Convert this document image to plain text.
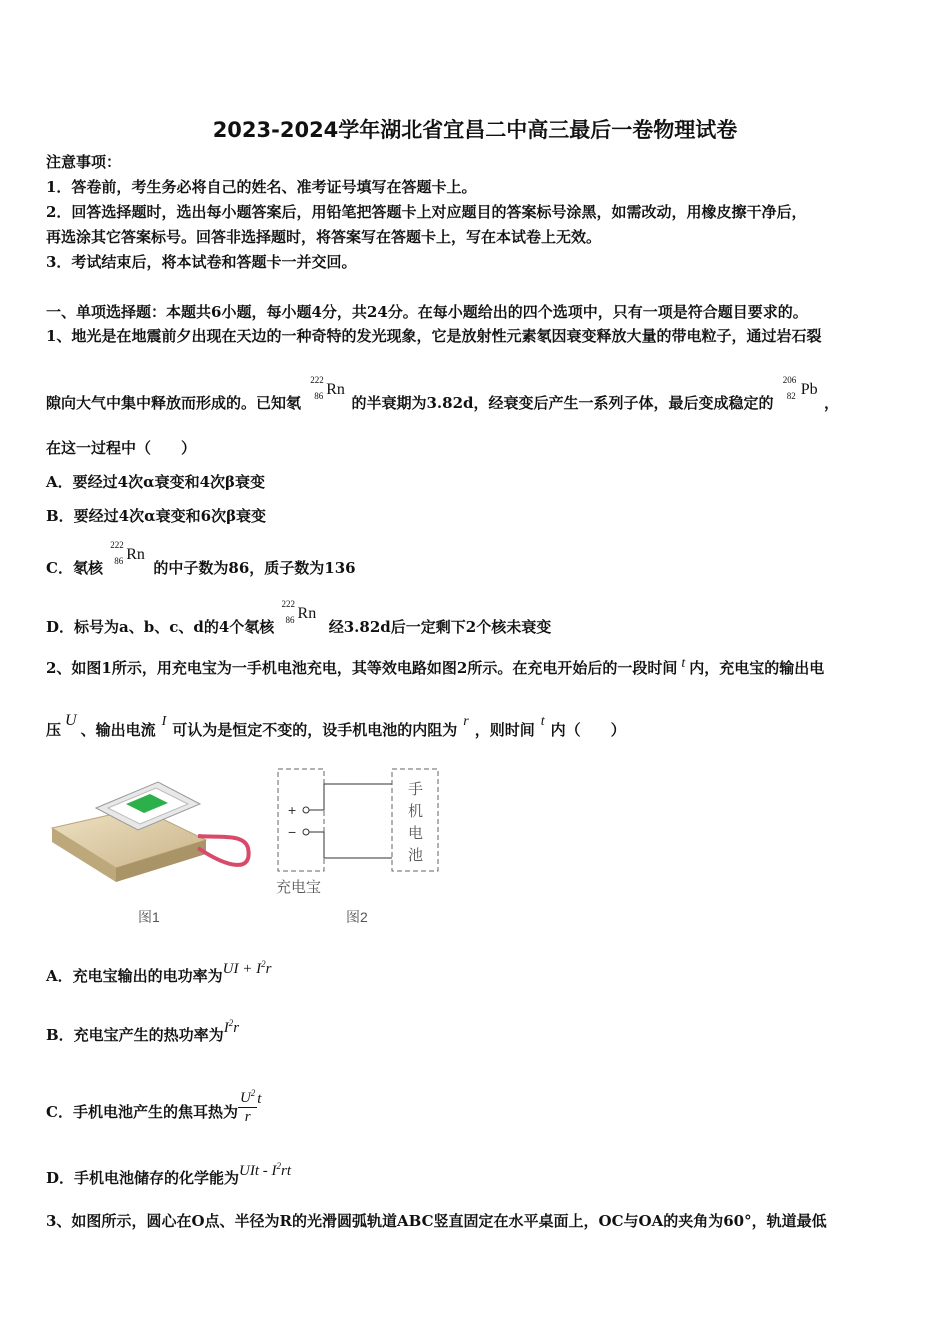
2023-2024学年湖北省宜昌二中高三最后一卷物理试卷
注意事项：
1．答卷前，考生务必将自己的姓名、准考证号填写在答题卡上。
2．回答选择题时，选出每小题答案后，用铅笔把答题卡上对应题目的答案标号涂黑，如需改动，用橡皮擦干净后，
再选涂其它答案标号。回答非选择题时，将答案写在答题卡上，写在本试卷上无效。
3．考试结束后，将本试卷和答题卡一并交回。
一、单项选择题：本题共6小题，每小题4分，共24分。在每小题给出的四个选项中，只有一项是符合题目要求的。
1、地光是在地震前夕出现在天边的一种奇特的发光现象，它是放射性元素氡因衰变释放大量的带电粒子，通过岩石裂
隙向大气中集中释放而形成的。已知氡
222
86 Rn
的半衰期为3.82d，经衰变后产生一系列子体，最后变成稳定的
206
82 Pb
，
在这一过程中（　　）
A．要经过4次α衰变和4次β衰变
B．要经过4次α衰变和6次β衰变
C．氡核
222
86 Rn
的中子数为86，质子数为136
D．标号为a、b、c、d的4个氡核
222
86 Rn
经3.82d后一定剩下2个核未衰变
2、如图1所示，用充电宝为一手机电池充电，其等效电路如图2所示。在充电开始后的一段时间 t 内，充电宝的输出电
压U、输出电流 I 可认为是恒定不变的，设手机电池的内阻为 r ，则时间 t 内（　　）
图1
+
−
手
机
电
池
充电宝
图2
A．充电宝输出的电功率为UI + $I^2r$
B．充电宝产生的热功率为$I^2r$
C．手机电池产生的焦耳热为 $\frac{U^2}{r}$ t
D．手机电池储存的化学能为UIt - $I^2rt$
3、如图所示，圆心在O点、半径为R的光滑圆弧轨道ABC竖直固定在水平桌面上，OC与OA的夹角为60°，轨道最低
